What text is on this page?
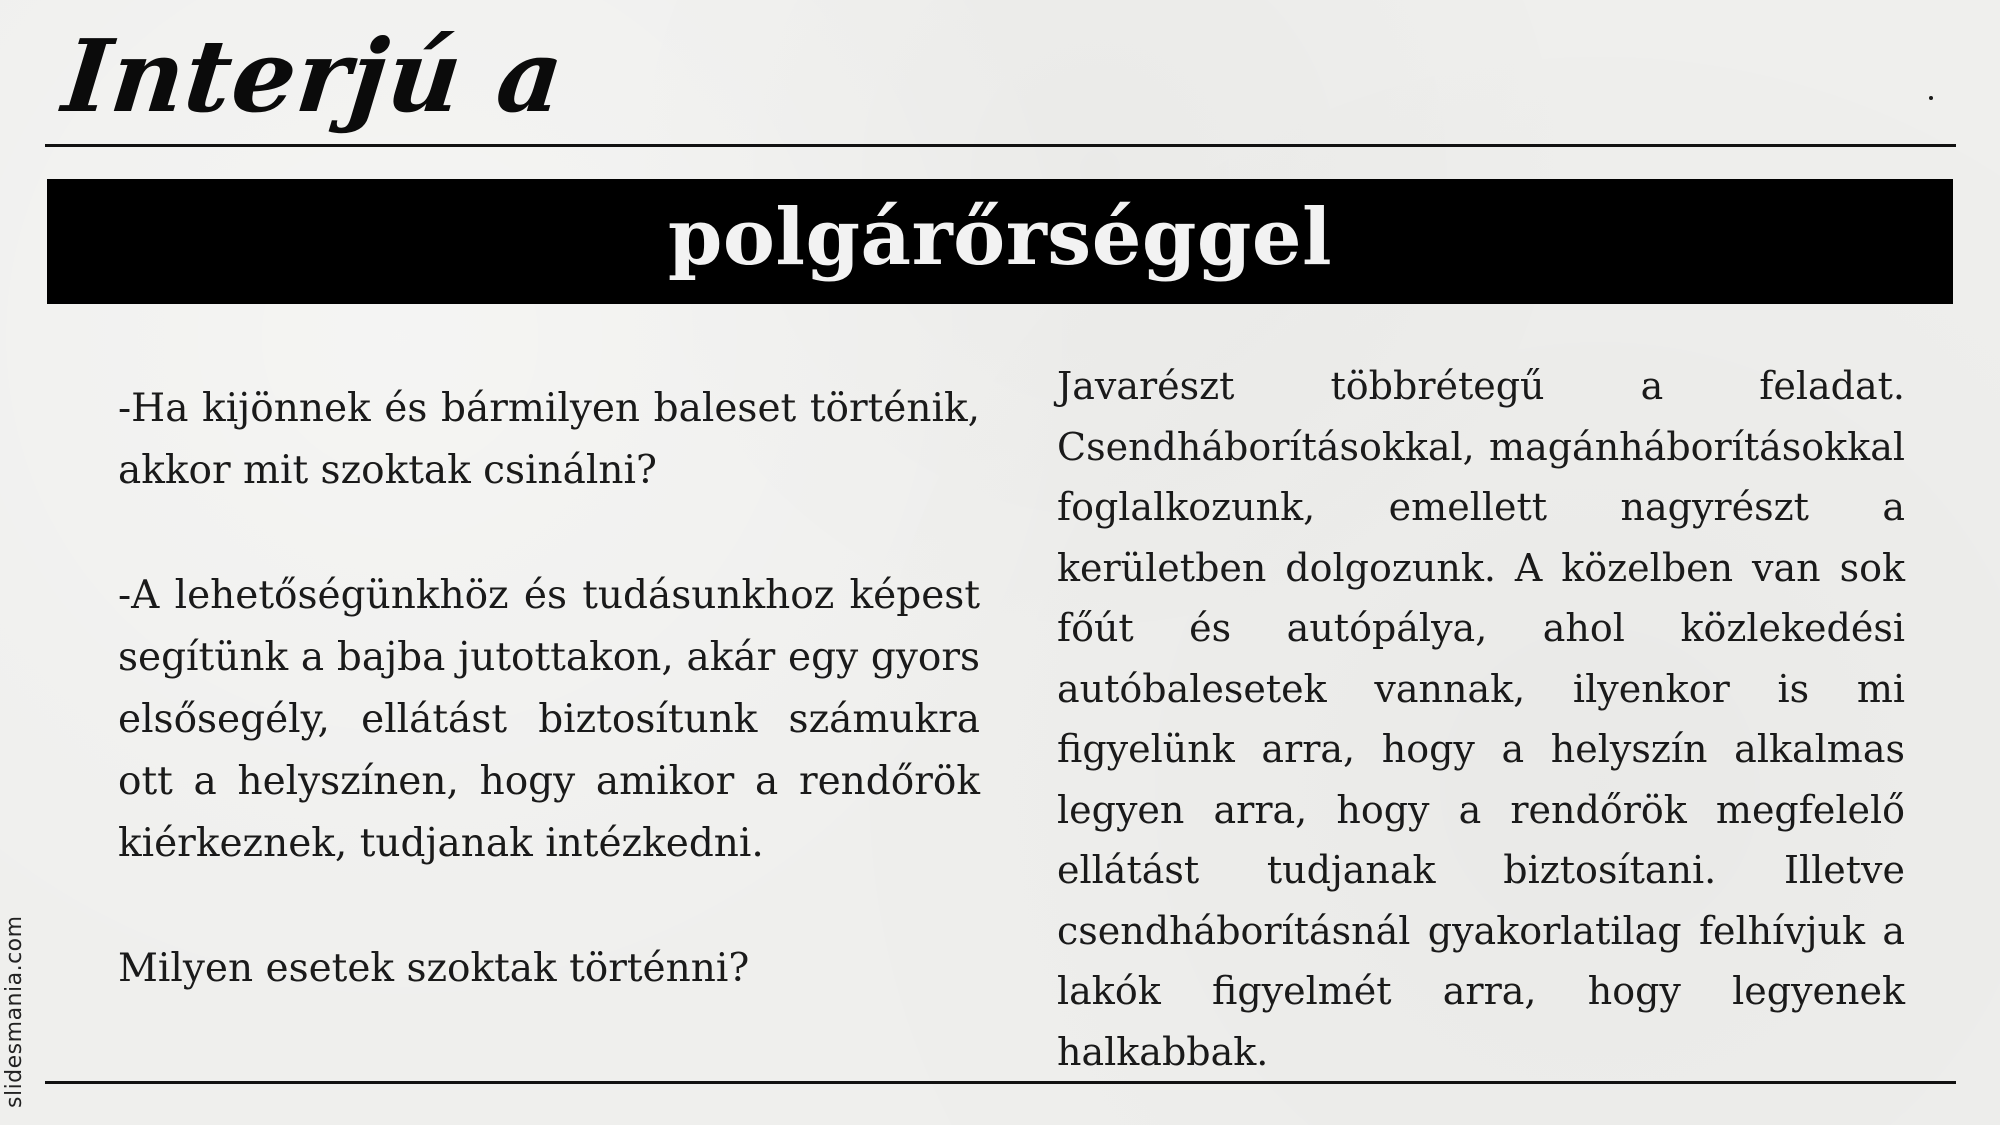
Interjú a
polgárőrséggel

-Ha kijönnek és bármilyen baleset történik, akkor mit szoktak csinálni?

-A lehetőségünkhöz és tudásunkhoz képest segítünk a bajba jutottakon, akár egy gyors elsősegély, ellátást biztosítunk számukra ott a helyszínen, hogy amikor a rendőrök kiérkeznek, tudjanak intézkedni.

Milyen esetek szoktak történni?

Javarészt többrétegű a feladat. Csendháborításokkal, magánháborításokkal foglalkozunk, emellett nagyrészt a kerületben dolgozunk. A közelben van sok főút és autópálya, ahol közlekedési autóbalesetek vannak, ilyenkor is mi figyelünk arra, hogy a helyszín alkalmas legyen arra, hogy a rendőrök megfelelő ellátást tudjanak biztosítani. Illetve csendháborításnál gyakorlatilag felhívjuk a lakók figyelmét arra, hogy legyenek halkabbak.

slidesmania.com
